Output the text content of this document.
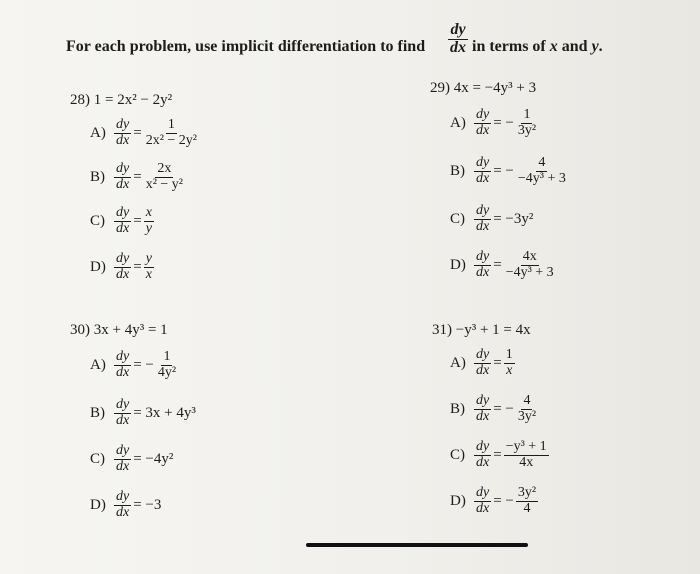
For each problem, use implicit differentiation to find $\frac{dy}{dx}$ in terms of x and y.
28) 1 = 2x² − 2y²
$A) \frac{dy}{dx} = \frac{1}{\text{2x² − 2y²}}$
$B) \frac{dy}{dx} = \frac{2x}{\text{x² − y²}}$
$C) \frac{dy}{dx} = \frac{x}{y}$
$D) \frac{dy}{dx} = \frac{y}{x}$
29) 4x = −4y³ + 3
$A) \frac{dy}{dx}$ = − $\frac{1}{\text{3y²}}$
$B) \frac{dy}{dx}$ = − $\frac{4}{\text{−4y³ + 3}}$
$C) \frac{dy}{dx} = -3y^2$
$D) \frac{dy}{dx} = \frac{4x}{\text{−4y³ + 3}}$
30) 3x + 4y³ = 1
$A) \frac{dy}{dx}$ = − $\frac{1}{\text{4y²}}$
$B) \frac{dy}{dx} = 3x + 4y^3$
$C) \frac{dy}{dx} = -4y^2$
$D) \frac{dy}{dx} = -3$
31) −y³ + 1 = 4x
$A) \frac{dy}{dx} = \frac{1}{x}$
$B) \frac{dy}{dx}$ = − $\frac{4}{\text{3y²}}$
$C) \frac{dy}{dx} = \frac{\text{−y³ + 1}}{4x}$
$D) \frac{dy}{dx}$ = − $\frac{\text{3y²}}{4}$
